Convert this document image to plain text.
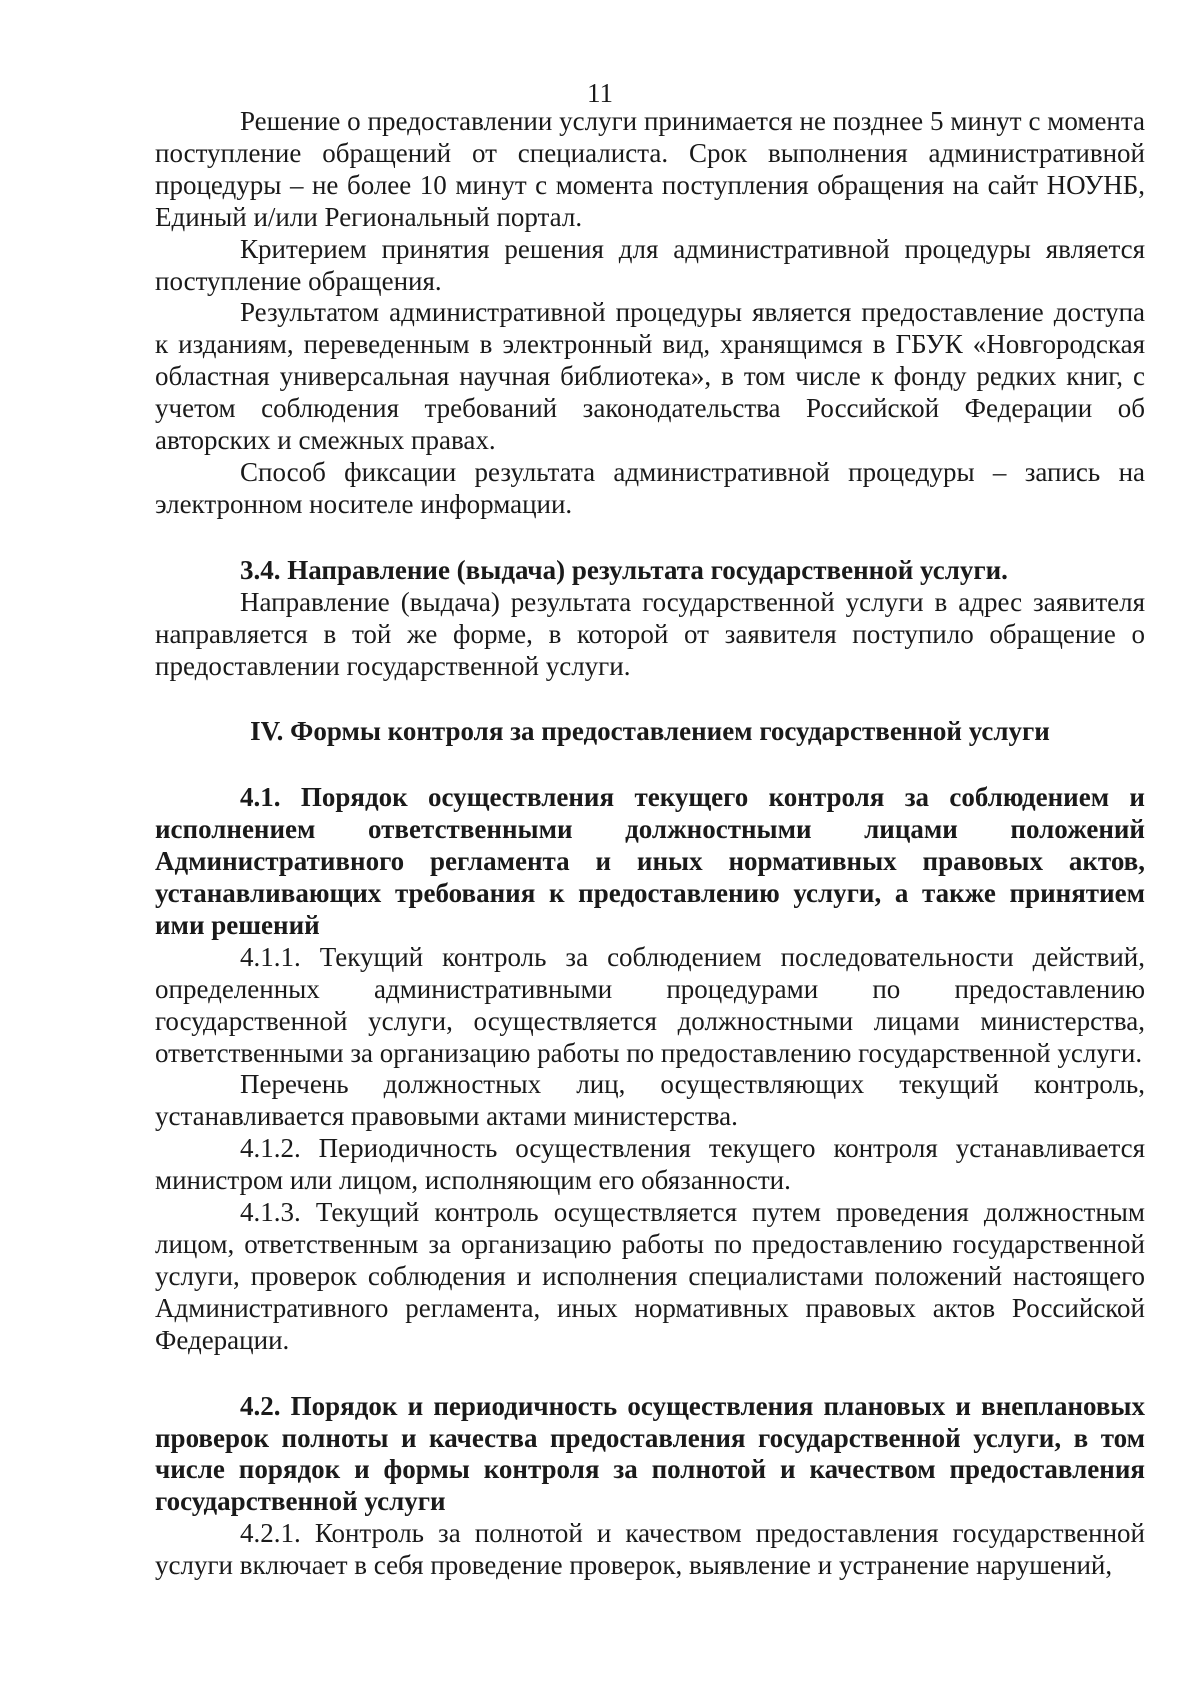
11

Решение о предоставлении услуги принимается не позднее 5 минут с момента поступление обращений от специалиста. Срок выполнения административной процедуры – не более 10 минут с момента поступления обращения на сайт НОУНБ, Единый и/или Региональный портал.

Критерием принятия решения для административной процедуры является поступление обращения.

Результатом административной процедуры является предоставление доступа к изданиям, переведенным в электронный вид, хранящимся в ГБУК «Новгородская областная универсальная научная библиотека», в том числе к фонду редких книг, с учетом соблюдения требований законодательства Российской Федерации об авторских и смежных правах.

Способ фиксации результата административной процедуры – запись на электронном носителе информации.

3.4. Направление (выдача) результата государственной услуги.

Направление (выдача) результата государственной услуги в адрес заявителя направляется в той же форме, в которой от заявителя поступило обращение о предоставлении государственной услуги.

IV. Формы контроля за предоставлением государственной услуги
4.1. Порядок осуществления текущего контроля за соблюдением и исполнением ответственными должностными лицами положений Административного регламента и иных нормативных правовых актов, устанавливающих требования к предоставлению услуги, а также принятием ими решений

4.1.1. Текущий контроль за соблюдением последовательности действий, определенных административными процедурами по предоставлению государственной услуги, осуществляется должностными лицами министерства, ответственными за организацию работы по предоставлению государственной услуги.

Перечень должностных лиц, осуществляющих текущий контроль, устанавливается правовыми актами министерства.

4.1.2. Периодичность осуществления текущего контроля устанавливается министром или лицом, исполняющим его обязанности.

4.1.3. Текущий контроль осуществляется путем проведения должностным лицом, ответственным за организацию работы по предоставлению государственной услуги, проверок соблюдения и исполнения специалистами положений настоящего Административного регламента, иных нормативных правовых актов Российской Федерации.

4.2. Порядок и периодичность осуществления плановых и внеплановых проверок полноты и качества предоставления государственной услуги, в том числе порядок и формы контроля за полнотой и качеством предоставления государственной услуги

4.2.1. Контроль за полнотой и качеством предоставления государственной услуги включает в себя проведение проверок, выявление и устранение нарушений,
